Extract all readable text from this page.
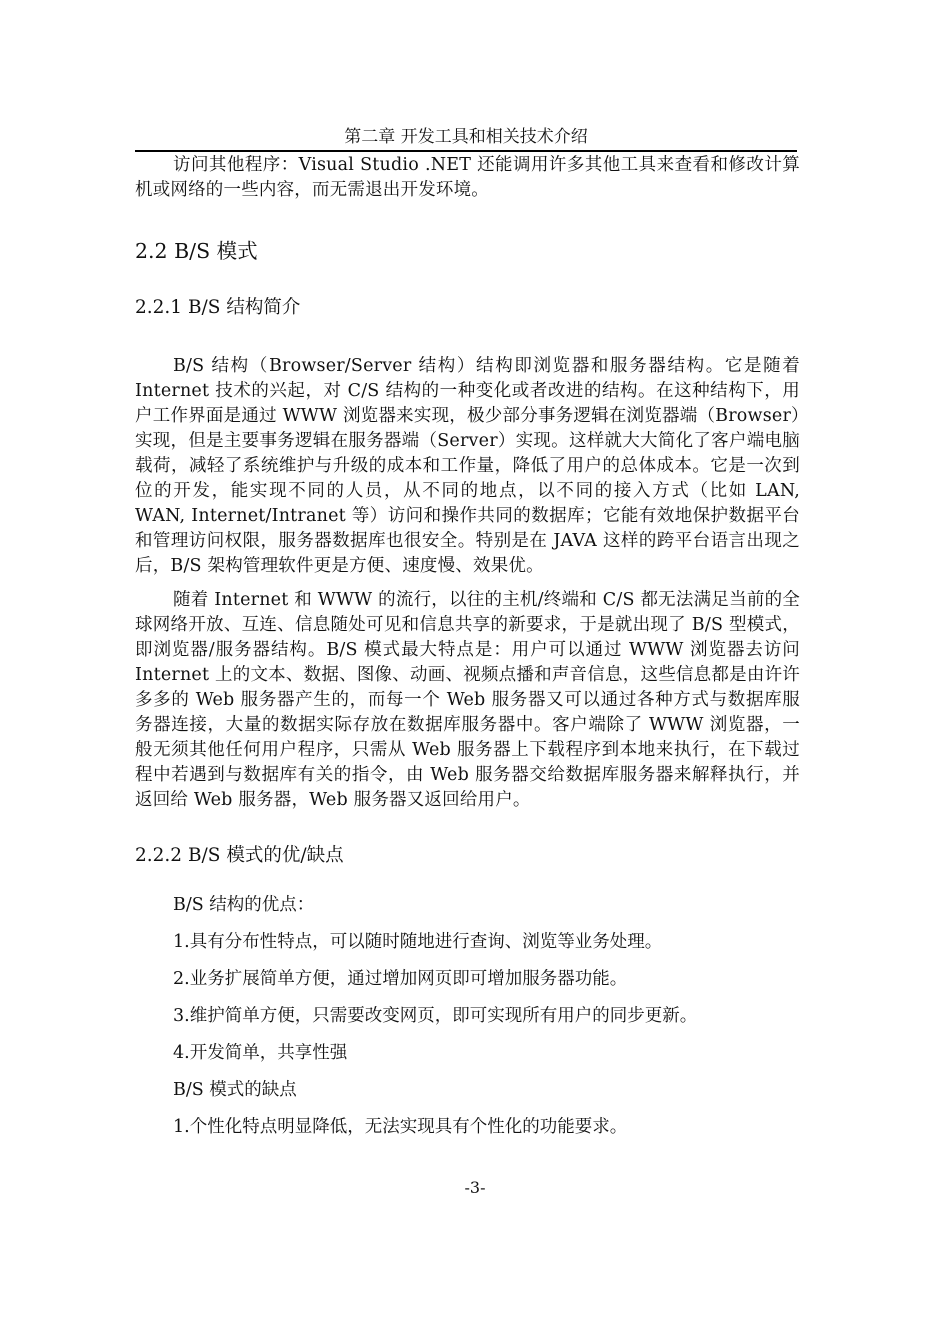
第二章 开发工具和相关技术介绍

访问其他程序：Visual Studio .NET 还能调用许多其他工具来查看和修改计算机或网络的一些内容，而无需退出开发环境。

2.2 B/S 模式
2.2.1 B/S 结构简介

B/S 结构（Browser/Server 结构）结构即浏览器和服务器结构。它是随着 Internet 技术的兴起，对 C/S 结构的一种变化或者改进的结构。在这种结构下，用户工作界面是通过 WWW 浏览器来实现，极少部分事务逻辑在浏览器端（Browser）实现，但是主要事务逻辑在服务器端（Server）实现。这样就大大简化了客户端电脑载荷，减轻了系统维护与升级的成本和工作量，降低了用户的总体成本。它是一次到位的开发，能实现不同的人员，从不同的地点，以不同的接入方式（比如 LAN, WAN, Internet/Intranet 等）访问和操作共同的数据库；它能有效地保护数据平台和管理访问权限，服务器数据库也很安全。特别是在 JAVA 这样的跨平台语言出现之后，B/S 架构管理软件更是方便、速度慢、效果优。

随着 Internet 和 WWW 的流行，以往的主机/终端和 C/S 都无法满足当前的全球网络开放、互连、信息随处可见和信息共享的新要求，于是就出现了 B/S 型模式，即浏览器/服务器结构。B/S 模式最大特点是：用户可以通过 WWW 浏览器去访问 Internet 上的文本、数据、图像、动画、视频点播和声音信息，这些信息都是由许许多多的 Web 服务器产生的，而每一个 Web 服务器又可以通过各种方式与数据库服务器连接，大量的数据实际存放在数据库服务器中。客户端除了 WWW 浏览器，一般无须其他任何用户程序，只需从 Web 服务器上下载程序到本地来执行，在下载过程中若遇到与数据库有关的指令，由 Web 服务器交给数据库服务器来解释执行，并返回给 Web 服务器，Web 服务器又返回给用户。

2.2.2 B/S 模式的优/缺点
B/S 结构的优点：
1.具有分布性特点，可以随时随地进行查询、浏览等业务处理。
2.业务扩展简单方便，通过增加网页即可增加服务器功能。
3.维护简单方便，只需要改变网页，即可实现所有用户的同步更新。
4.开发简单，共享性强
B/S 模式的缺点
1.个性化特点明显降低，无法实现具有个性化的功能要求。
-3-
